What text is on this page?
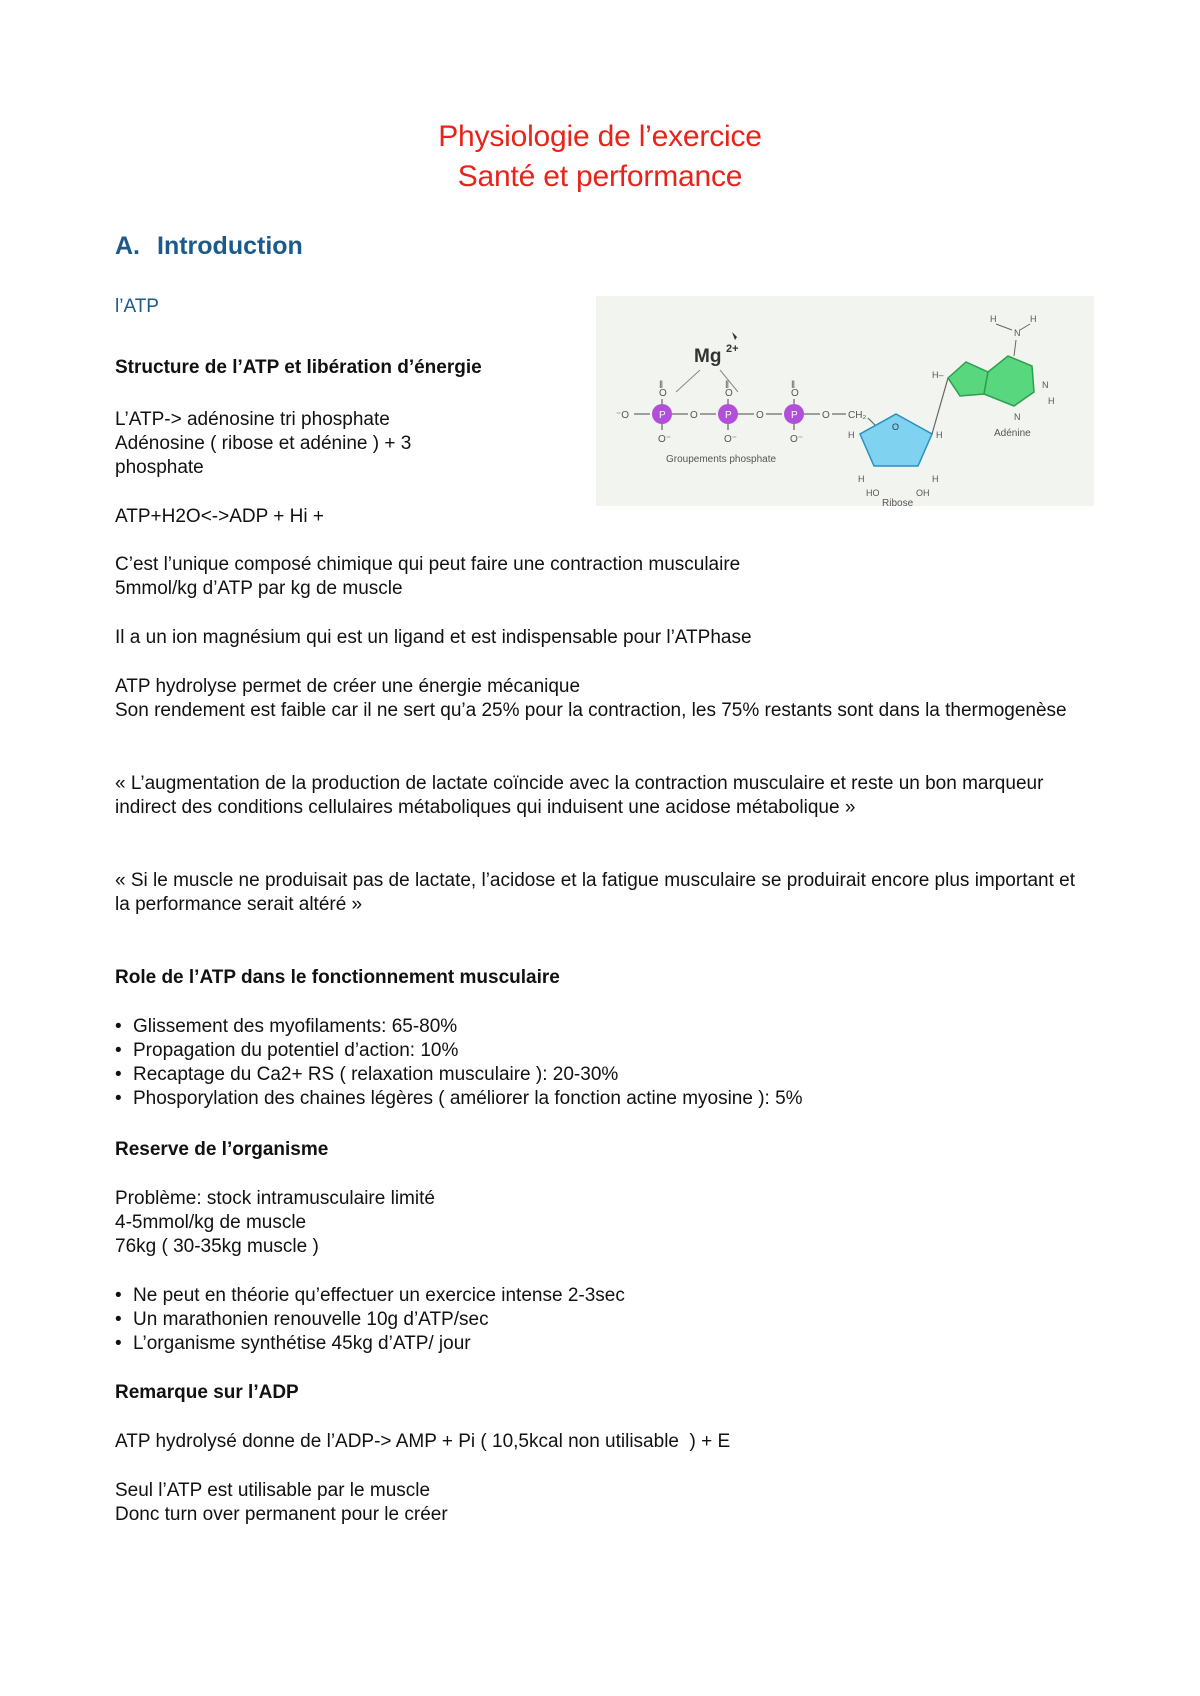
Physiologie de l’exercice
Santé et performance
A. Introduction
l’ATP
Mg 2+
⁻O	P
O
‖
O⁻
O	P
O
‖
O⁻
O	P
O
‖
O⁻
O CH₂
Groupements phosphate
O
H	H
H	H
HO	OH
Ribose
H–
N
H	H
N
H
N
Adénine
Structure de l’ATP et libération d’énergie
L’ATP-> adénosine tri phosphate
Adénosine ( ribose et adénine ) + 3
phosphate
ATP+H2O<->ADP + Hi +
C’est l’unique composé chimique qui peut faire une contraction musculaire
5mmol/kg d’ATP par kg de muscle
Il a un ion magnésium qui est un ligand et est indispensable pour l’ATPhase
ATP hydrolyse permet de créer une énergie mécanique
Son rendement est faible car il ne sert qu’a 25% pour la contraction, les 75% restants sont dans la thermogenèse
« L’augmentation de la production de lactate coïncide avec la contraction musculaire et reste un bon marqueur indirect des conditions cellulaires métaboliques qui induisent une acidose métabolique »
« Si le muscle ne produisait pas de lactate, l’acidose et la fatigue musculaire se produirait encore plus important et la performance serait altéré »
Role de l’ATP dans le fonctionnement musculaire
• Glissement des myofilaments: 65-80%
• Propagation du potentiel d’action: 10%
• Recaptage du Ca2+ RS ( relaxation musculaire ): 20-30%
• Phosporylation des chaines légères ( améliorer la fonction actine myosine ): 5%
Reserve de l’organisme
Problème: stock intramusculaire limité
4-5mmol/kg de muscle
76kg ( 30-35kg muscle )
• Ne peut en théorie qu’effectuer un exercice intense 2-3sec
• Un marathonien renouvelle 10g d’ATP/sec
• L’organisme synthétise 45kg d’ATP/ jour
Remarque sur l’ADP
ATP hydrolysé donne de l’ADP-> AMP + Pi ( 10,5kcal non utilisable  ) + E
Seul l’ATP est utilisable par le muscle
Donc turn over permanent pour le créer
